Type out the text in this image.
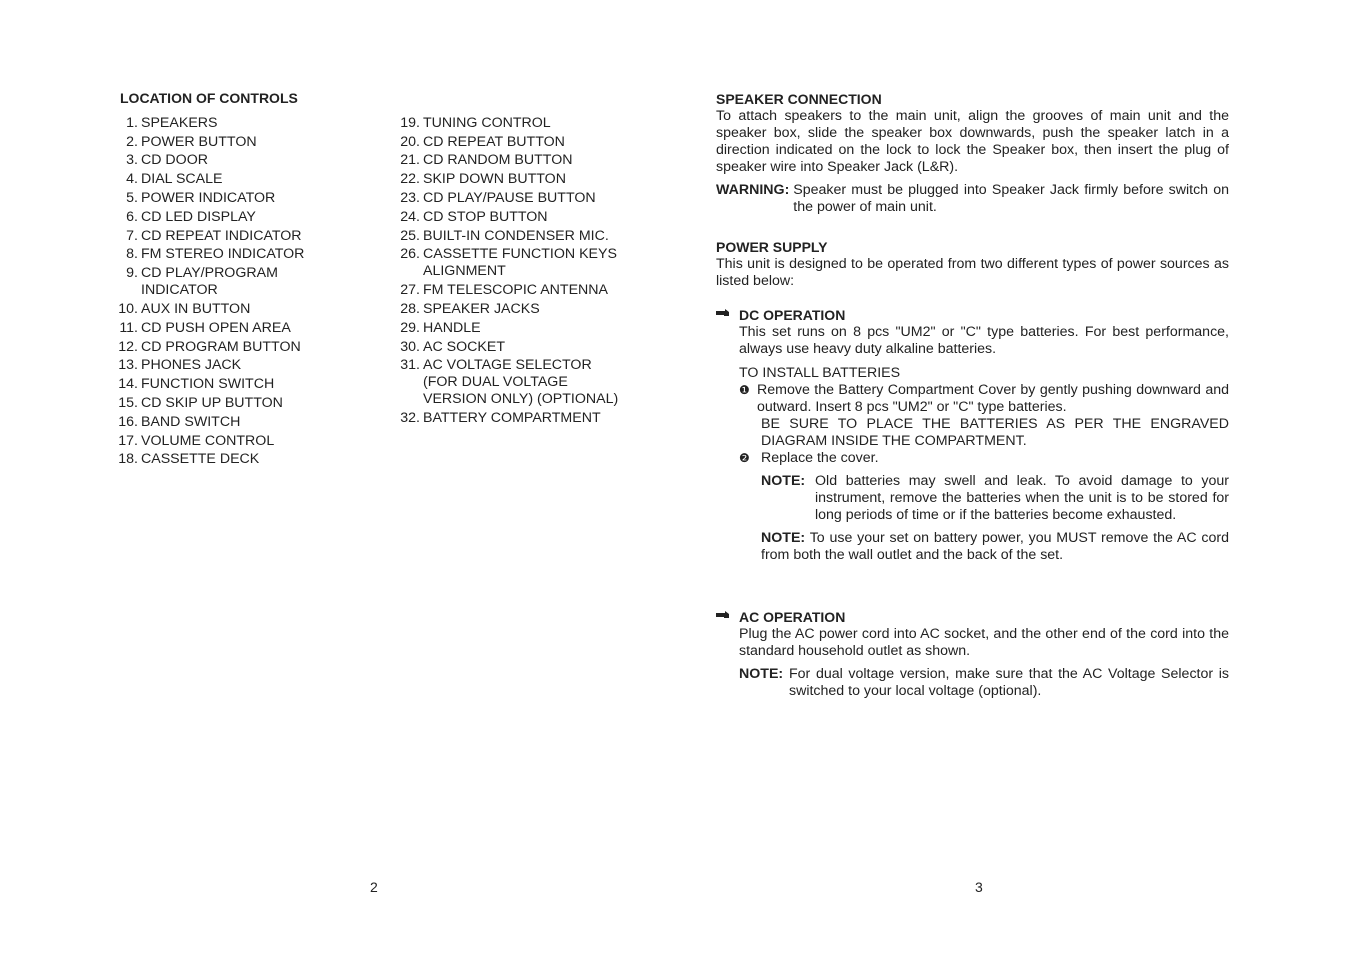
LOCATION OF CONTROLS
1. SPEAKERS
2. POWER BUTTON
3. CD DOOR
4. DIAL SCALE
5. POWER INDICATOR
6. CD LED DISPLAY
7. CD REPEAT INDICATOR
8. FM STEREO INDICATOR
9. CD PLAY/PROGRAM INDICATOR
10. AUX IN BUTTON
11. CD PUSH OPEN AREA
12. CD PROGRAM BUTTON
13. PHONES JACK
14. FUNCTION SWITCH
15. CD SKIP UP BUTTON
16. BAND SWITCH
17. VOLUME CONTROL
18. CASSETTE DECK
19. TUNING CONTROL
20. CD REPEAT BUTTON
21. CD RANDOM BUTTON
22. SKIP DOWN BUTTON
23. CD PLAY/PAUSE BUTTON
24. CD STOP BUTTON
25. BUILT-IN CONDENSER MIC.
26. CASSETTE FUNCTION KEYS ALIGNMENT
27. FM TELESCOPIC ANTENNA
28. SPEAKER JACKS
29. HANDLE
30. AC SOCKET
31. AC VOLTAGE SELECTOR (FOR DUAL VOLTAGE VERSION ONLY) (OPTIONAL)
32. BATTERY COMPARTMENT
2
SPEAKER CONNECTION
To attach speakers to the main unit, align the grooves of main unit and the speaker box, slide the speaker box downwards, push the speaker latch in a direction indicated on the lock to lock the Speaker box, then insert the plug of speaker wire into Speaker Jack (L&R).
WARNING: Speaker must be plugged into Speaker Jack firmly before switch on the power of main unit.
POWER SUPPLY
This unit is designed to be operated from two different types of power sources as listed below:
DC OPERATION
This set runs on 8 pcs "UM2" or "C" type batteries. For best performance, always use heavy duty alkaline batteries.
TO INSTALL BATTERIES
❶ Remove the Battery Compartment Cover by gently pushing downward and outward. Insert 8 pcs "UM2" or "C" type batteries.
BE SURE TO PLACE THE BATTERIES AS PER THE ENGRAVED DIAGRAM INSIDE THE COMPARTMENT.
❷ Replace the cover.
NOTE: Old batteries may swell and leak. To avoid damage to your instrument, remove the batteries when the unit is to be stored for long periods of time or if the batteries become exhausted.
NOTE: To use your set on battery power, you MUST remove the AC cord from both the wall outlet and the back of the set.
AC OPERATION
Plug the AC power cord into AC socket, and the other end of the cord into the standard household outlet as shown.
NOTE: For dual voltage version, make sure that the AC Voltage Selector is switched to your local voltage (optional).
3
